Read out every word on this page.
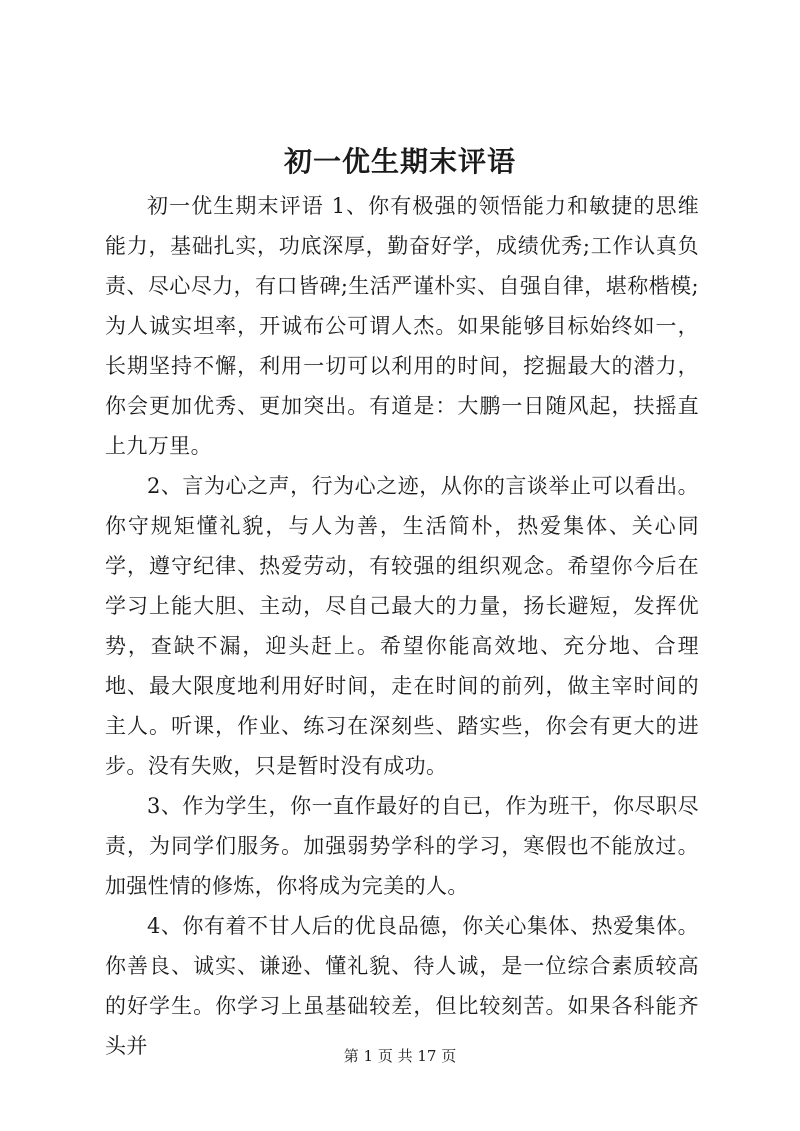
初一优生期末评语

初一优生期末评语 1、你有极强的领悟能力和敏捷的思维能力，基础扎实，功底深厚，勤奋好学，成绩优秀;工作认真负责、尽心尽力，有口皆碑;生活严谨朴实、自强自律，堪称楷模;为人诚实坦率，开诚布公可谓人杰。如果能够目标始终如一，长期坚持不懈，利用一切可以利用的时间，挖掘最大的潜力，你会更加优秀、更加突出。有道是：大鹏一日随风起，扶摇直上九万里。

2、言为心之声，行为心之迹，从你的言谈举止可以看出。你守规矩懂礼貌，与人为善，生活简朴，热爱集体、关心同学，遵守纪律、热爱劳动，有较强的组织观念。希望你今后在学习上能大胆、主动，尽自己最大的力量，扬长避短，发挥优势，查缺不漏，迎头赶上。希望你能高效地、充分地、合理地、最大限度地利用好时间，走在时间的前列，做主宰时间的主人。听课，作业、练习在深刻些、踏实些，你会有更大的进步。没有失败，只是暂时没有成功。

3、作为学生，你一直作最好的自已，作为班干，你尽职尽责，为同学们服务。加强弱势学科的学习，寒假也不能放过。加强性情的修炼，你将成为完美的人。

4、你有着不甘人后的优良品德，你关心集体、热爱集体。你善良、诚实、谦逊、懂礼貌、待人诚，是一位综合素质较高的好学生。你学习上虽基础较差，但比较刻苦。如果各科能齐头并	第 1 页 共 17 页
